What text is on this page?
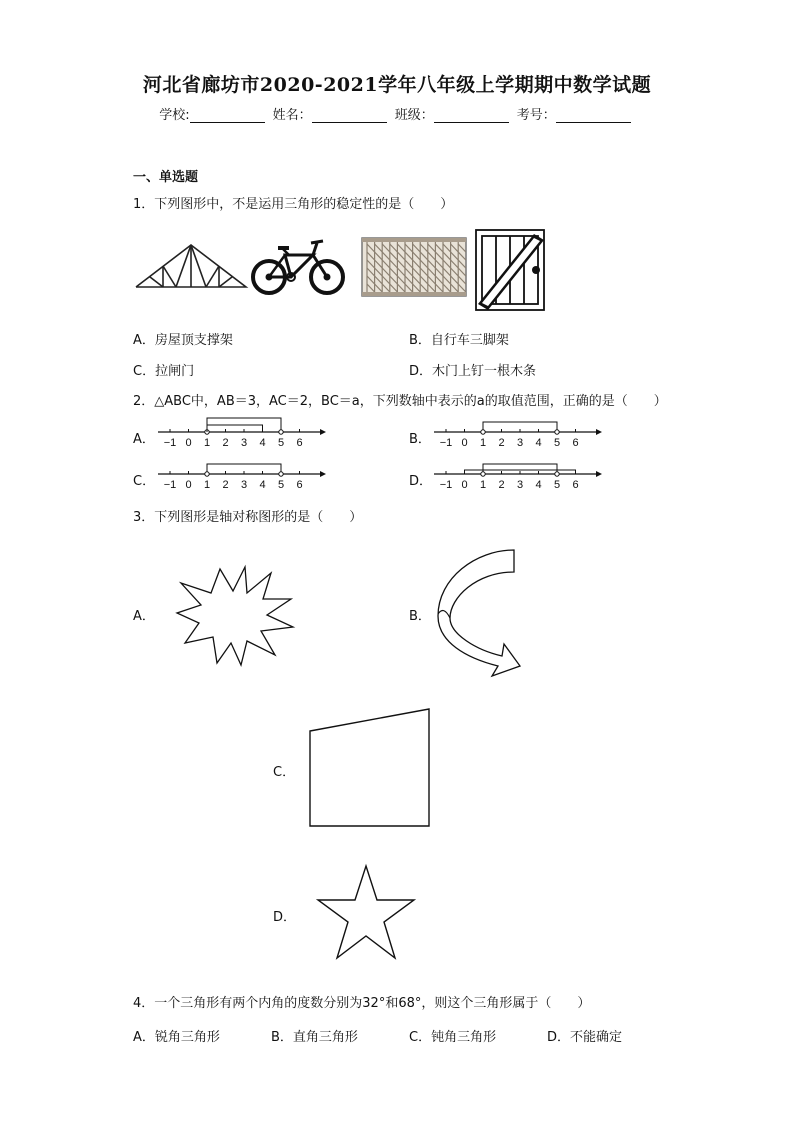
河北省廊坊市2020-2021学年八年级上学期期中数学试题
学校:	姓名：	班级：	考号：
一、单选题
1．下列图形中，不是运用三角形的稳定性的是（　　）
A．房屋顶支撑架	B．自行车三脚架
C．拉闸门	D．木门上钉一根木条
2．△ABC中，AB＝3，AC＝2，BC＝a，下列数轴中表示的a的取值范围，正确的是（　　）
A．	B．
C．	D．
−1 0 1 2 3 4 5 6	−1 0 1 2 3 4 5 6
−1 0 1 2 3 4 5 6	−1 0 1 2 3 4 5 6
3．下列图形是轴对称图形的是（　　）
A．	B．
C．
D．
4．一个三角形有两个内角的度数分别为32°和68°，则这个三角形属于（　　）
A．锐角三角形	B．直角三角形	C．钝角三角形	D．不能确定
